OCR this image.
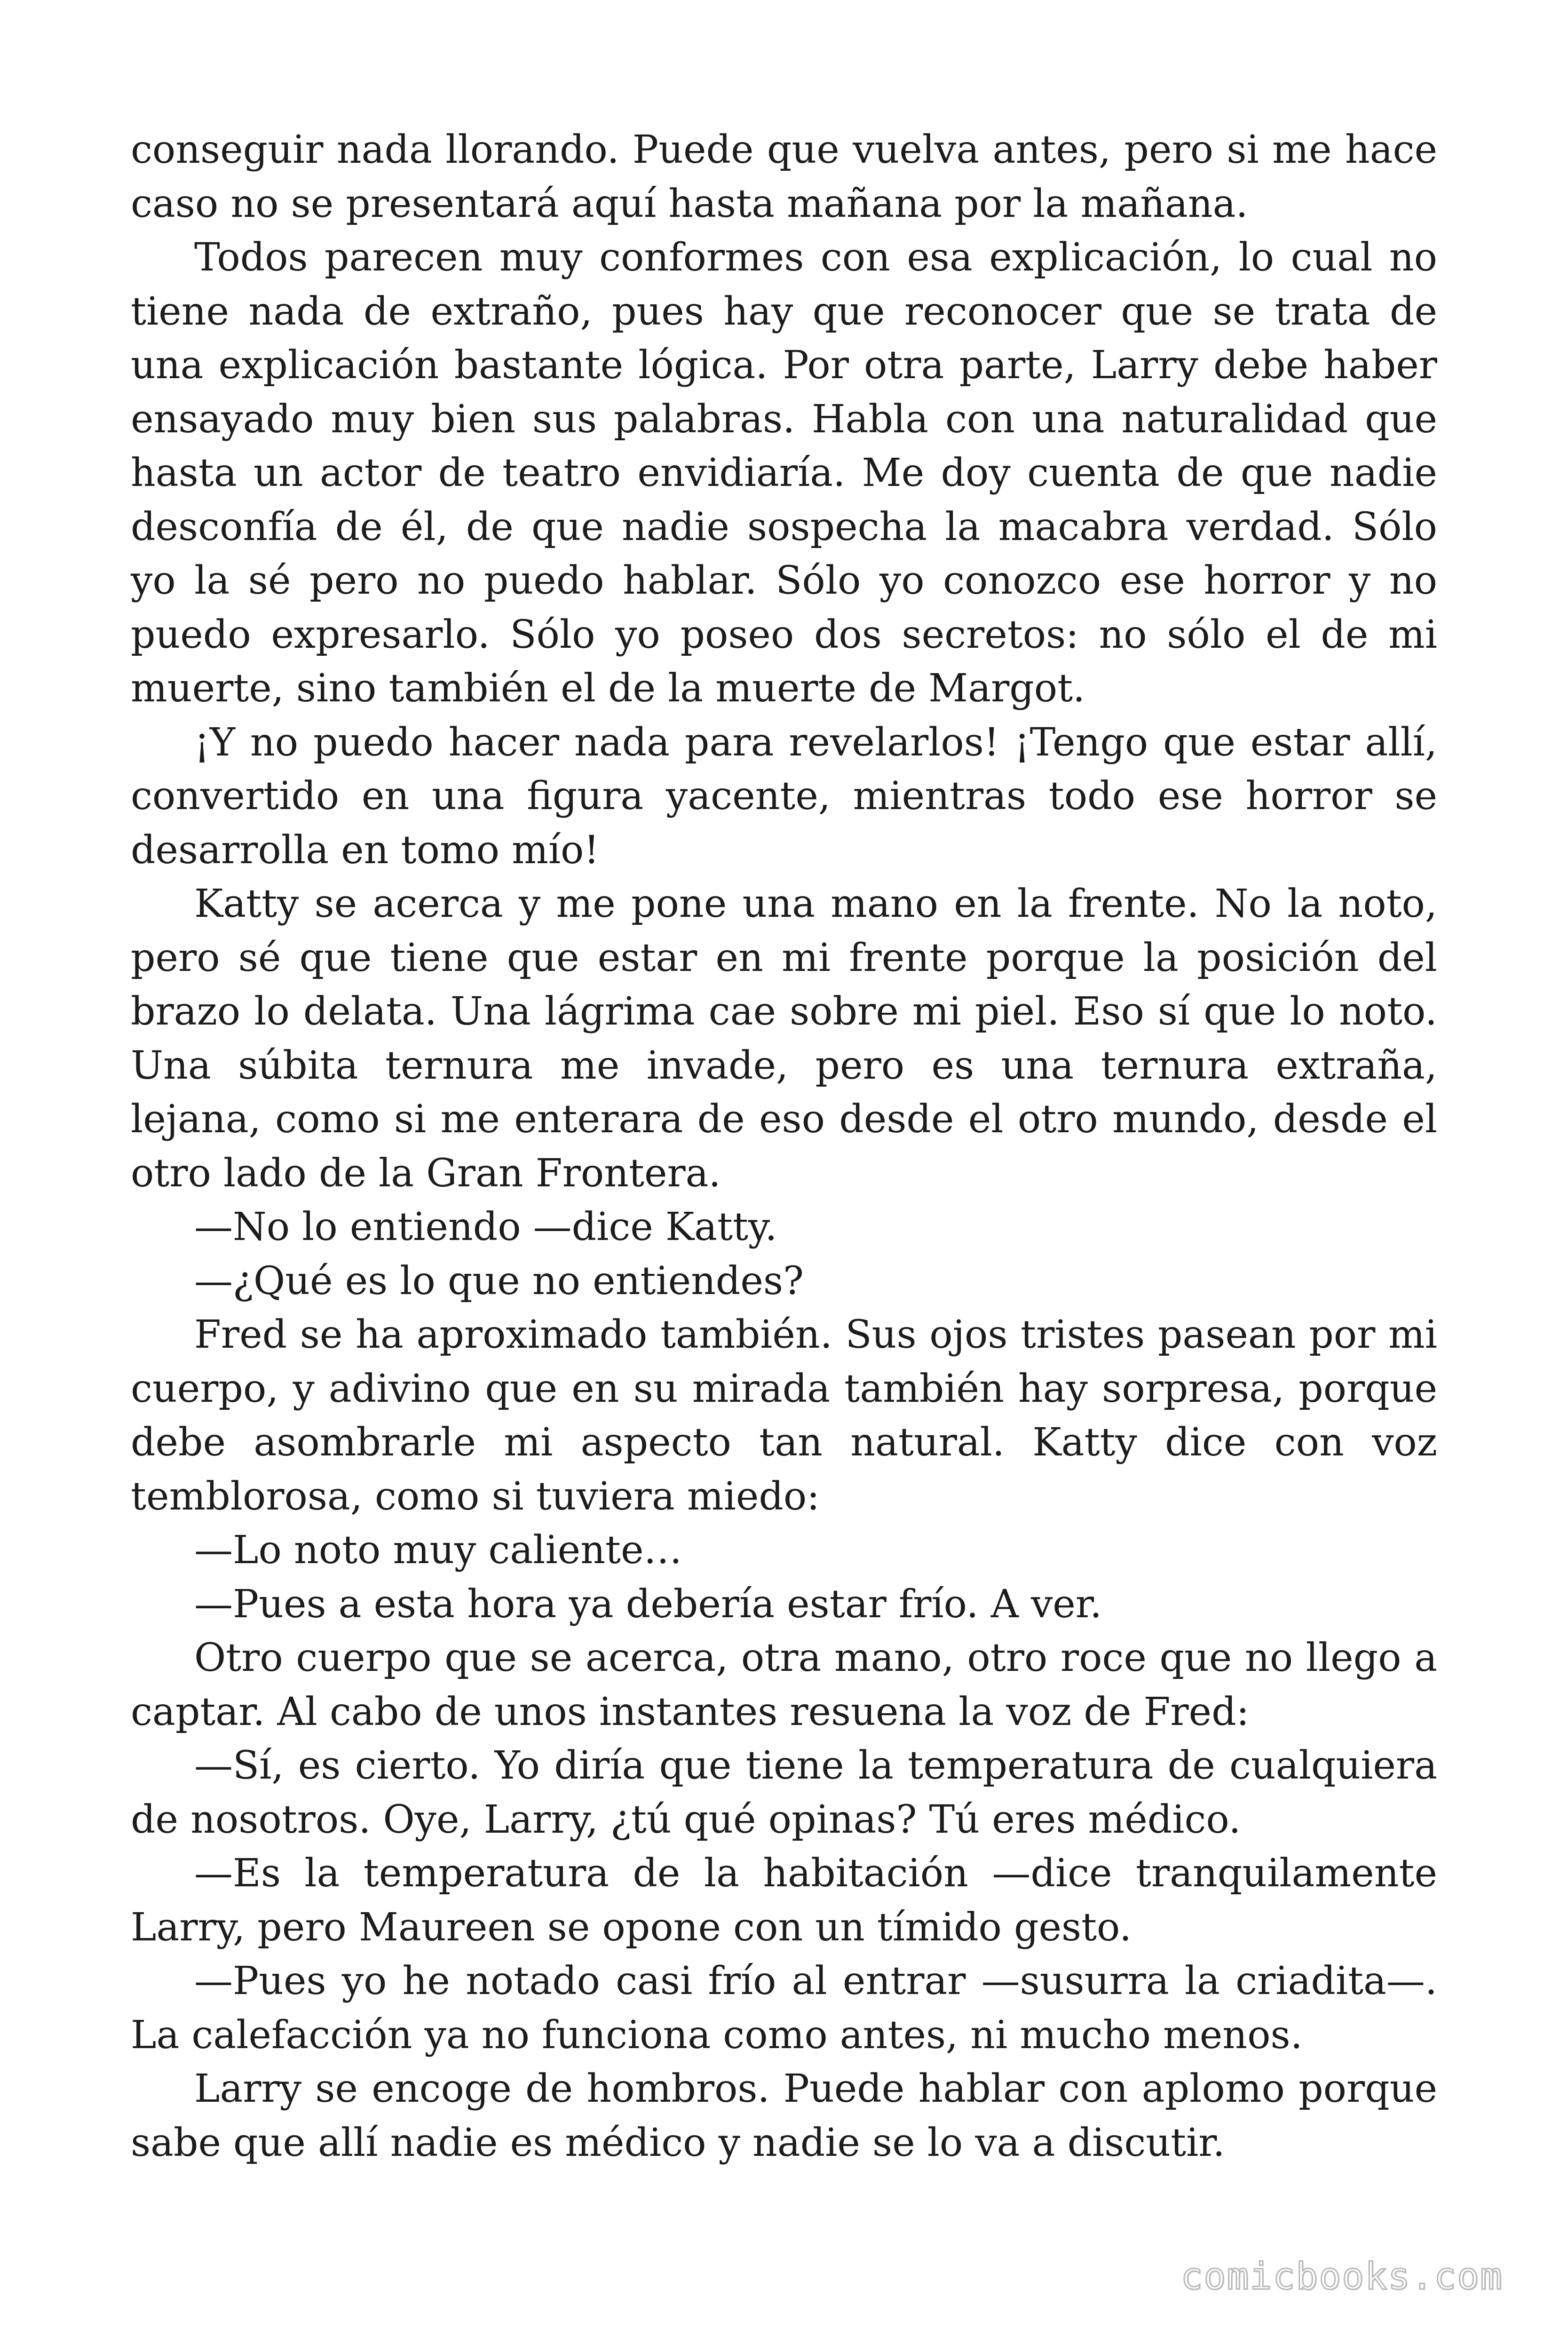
conseguir nada llorando. Puede que vuelva antes, pero si me hace caso no se presentará aquí hasta mañana por la mañana.

Todos parecen muy conformes con esa explicación, lo cual no tiene nada de extraño, pues hay que reconocer que se trata de una explicación bastante lógica. Por otra parte, Larry debe haber ensayado muy bien sus palabras. Habla con una naturalidad que hasta un actor de teatro envidiaría. Me doy cuenta de que nadie desconfía de él, de que nadie sospecha la macabra verdad. Sólo yo la sé pero no puedo hablar. Sólo yo conozco ese horror y no puedo expresarlo. Sólo yo poseo dos secretos: no sólo el de mi muerte, sino también el de la muerte de Margot.

¡Y no puedo hacer nada para revelarlos! ¡Tengo que estar allí, convertido en una figura yacente, mientras todo ese horror se desarrolla en tomo mío!

Katty se acerca y me pone una mano en la frente. No la noto, pero sé que tiene que estar en mi frente porque la posición del brazo lo delata. Una lágrima cae sobre mi piel. Eso sí que lo noto. Una súbita ternura me invade, pero es una ternura extraña, lejana, como si me enterara de eso desde el otro mundo, desde el otro lado de la Gran Frontera.

—No lo entiendo —dice Katty.

—¿Qué es lo que no entiendes?

Fred se ha aproximado también. Sus ojos tristes pasean por mi cuerpo, y adivino que en su mirada también hay sorpresa, porque debe asombrarle mi aspecto tan natural. Katty dice con voz temblorosa, como si tuviera miedo:

—Lo noto muy caliente…

—Pues a esta hora ya debería estar frío. A ver.

Otro cuerpo que se acerca, otra mano, otro roce que no llego a captar. Al cabo de unos instantes resuena la voz de Fred:

—Sí, es cierto. Yo diría que tiene la temperatura de cualquiera de nosotros. Oye, Larry, ¿tú qué opinas? Tú eres médico.

—Es la temperatura de la habitación —dice tranquilamente Larry, pero Maureen se opone con un tímido gesto.

—Pues yo he notado casi frío al entrar —susurra la criadita—. La calefacción ya no funciona como antes, ni mucho menos.

Larry se encoge de hombros. Puede hablar con aplomo porque sabe que allí nadie es médico y nadie se lo va a discutir.

comicbooks.com
